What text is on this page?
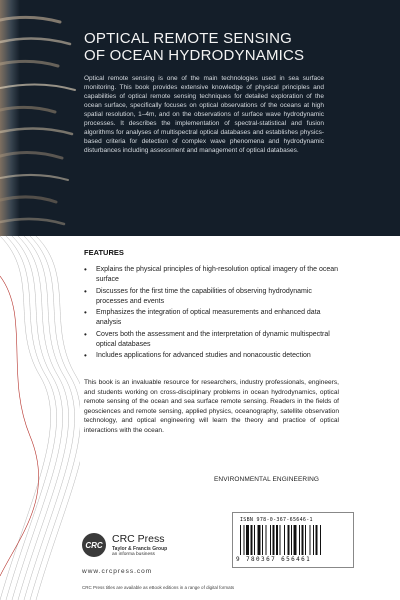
OPTICAL REMOTE SENSING
OF OCEAN HYDRODYNAMICS

Optical remote sensing is one of the main technologies used in sea surface monitoring. This book provides extensive knowledge of physical principles and capabilities of optical remote sensing techniques for detailed exploration of the ocean surface, specifically focuses on optical observations of the oceans at high spatial resolution, 1–4m, and on the observations of surface wave hydrodynamic processes. It describes the implementation of spectral-statistical and fusion algorithms for analyses of multispectral optical databases and establishes physics-based criteria for detection of complex wave phenomena and hydrodynamic disturbances including assessment and management of optical databases.

FEATURES
• Explains the physical principles of high-resolution optical imagery of the ocean surface
• Discusses for the first time the capabilities of observing hydrodynamic processes and events
• Emphasizes the integration of optical measurements and enhanced data analysis
• Covers both the assessment and the interpretation of dynamic multispectral optical databases
• Includes applications for advanced studies and nonacoustic detection

This book is an invaluable resource for researchers, industry professionals, engineers, and students working on cross-disciplinary problems in ocean hydrodynamics, optical remote sensing of the ocean and sea surface remote sensing. Readers in the fields of geosciences and remote sensing, applied physics, oceanography, satellite observation technology, and optical engineering will learn the theory and practice of optical interactions with the ocean.

ENVIRONMENTAL ENGINEERING
CRC CRC Press
Taylor & Francis Group
an informa business
www.crcpress.com
CRC Press titles are available as eBook editions in a range of digital formats
ISBN 978-0-367-65646-1
9 780367 656461
